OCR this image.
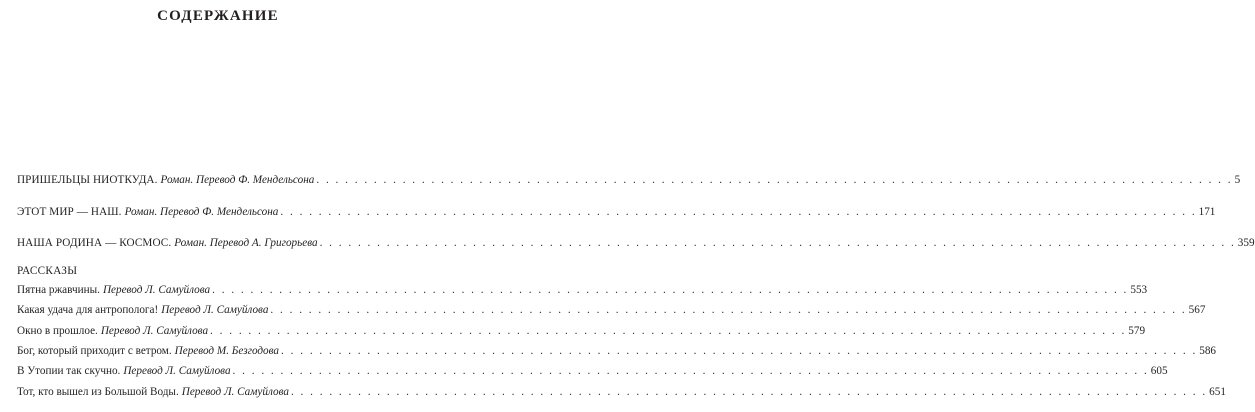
СОДЕРЖАНИЕ
ПРИШЕЛЬЦЫ НИОТКУДА. Роман. Перевод Ф. Мендельсона . . . . . . . . . . . . . . . . . . . . . . . . . . . . . . . . . . . . . . . . . . . . . . . . . . . . . . . . . . . . . . . . . . . . . . . . . . . . . . . . . . . . . . . . . . . . . . . . 5
ЭТОТ МИР — НАШ. Роман. Перевод Ф. Мендельсона . . . . . . . . . . . . . . . . . . . . . . . . . . . . . . . . . . . . . . . . . . . . . . . . . . . . . . . . . . . . . . . . . . . . . . . . . . . . . . . . . . . . . . . . . . . . . . . . 171
НАША РОДИНА — КОСМОС. Роман. Перевод А. Григорьева . . . . . . . . . . . . . . . . . . . . . . . . . . . . . . . . . . . . . . . . . . . . . . . . . . . . . . . . . . . . . . . . . . . . . . . . . . . . . . . . . . . . . . . . . . . . . . . . 359
РАССКАЗЫ
Пятна ржавчины. Перевод Л. Самуйлова . . . . . . . . . . . . . . . . . . . . . . . . . . . . . . . . . . . . . . . . . . . . . . . . . . . . . . . . . . . . . . . . . . . . . . . . . . . . . . . . . . . . . . . . . . . . . . . . 553
Какая удача для антрополога! Перевод Л. Самуйлова . . . . . . . . . . . . . . . . . . . . . . . . . . . . . . . . . . . . . . . . . . . . . . . . . . . . . . . . . . . . . . . . . . . . . . . . . . . . . . . . . . . . . . . . . . . . . . . . 567
Окно в прошлое. Перевод Л. Самуйлова . . . . . . . . . . . . . . . . . . . . . . . . . . . . . . . . . . . . . . . . . . . . . . . . . . . . . . . . . . . . . . . . . . . . . . . . . . . . . . . . . . . . . . . . . . . . . . . . 579
Бог, который приходит с ветром. Перевод М. Безгодова . . . . . . . . . . . . . . . . . . . . . . . . . . . . . . . . . . . . . . . . . . . . . . . . . . . . . . . . . . . . . . . . . . . . . . . . . . . . . . . . . . . . . . . . . . . . . . . . 586
В Утопии так скучно. Перевод Л. Самуйлова . . . . . . . . . . . . . . . . . . . . . . . . . . . . . . . . . . . . . . . . . . . . . . . . . . . . . . . . . . . . . . . . . . . . . . . . . . . . . . . . . . . . . . . . . . . . . . . . 605
Тот, кто вышел из Большой Воды. Перевод Л. Самуйлова . . . . . . . . . . . . . . . . . . . . . . . . . . . . . . . . . . . . . . . . . . . . . . . . . . . . . . . . . . . . . . . . . . . . . . . . . . . . . . . . . . . . . . . . . . . . . . . . 651
